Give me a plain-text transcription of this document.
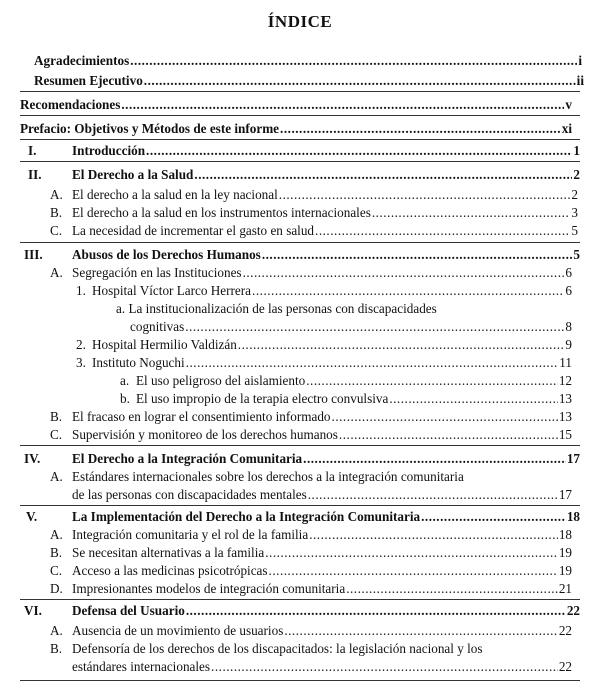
ÍNDICE
Agradecimientos .....	i
Resumen Ejecutivo .....	ii
Recomendaciones .....	v
Prefacio: Objetivos y Métodos de este informe .....	xi
I.	Introducción .....	1
II. El Derecho a la Salud .....	2
A. El derecho a la salud en la ley nacional .....	2
B. El derecho a la salud en los instrumentos internacionales .....	3
C. La necesidad de incrementar el gasto en salud .....	5
III. Abusos de los Derechos Humanos .....	5
A. Segregación en las Instituciones .....	6
1. Hospital Víctor Larco Herrera .....	6
a. La institucionalización de las personas con discapacidades
cognitivas .....	8
2. Hospital Hermilio Valdizán .....	9
3. Instituto Noguchi .....	11
a. El uso peligroso del aislamiento .....	12
b. El uso impropio de la terapia electro convulsiva .....	13
B. El fracaso en lograr el consentimiento informado .....	13
C. Supervisión y monitoreo de los derechos humanos .....	15
IV. El Derecho a la Integración Comunitaria .....	17
A. Estándares internacionales sobre los derechos a la integración comunitaria
de las personas con discapacidades mentales .....	17
V.	La Implementación del Derecho a la Integración Comunitaria .....	18
A. Integración comunitaria y el rol de la familia .....	18
B. Se necesitan alternativas a la familia .....	19
C. Acceso a las medicinas psicotrópicas .....	19
D. Impresionantes modelos de integración comunitaria .....	21
VI. Defensa del Usuario .....	22
A. Ausencia de un movimiento de usuarios .....	22
B. Defensoría de los derechos de los discapacitados: la legislación nacional y los
estándares internacionales .....	22
